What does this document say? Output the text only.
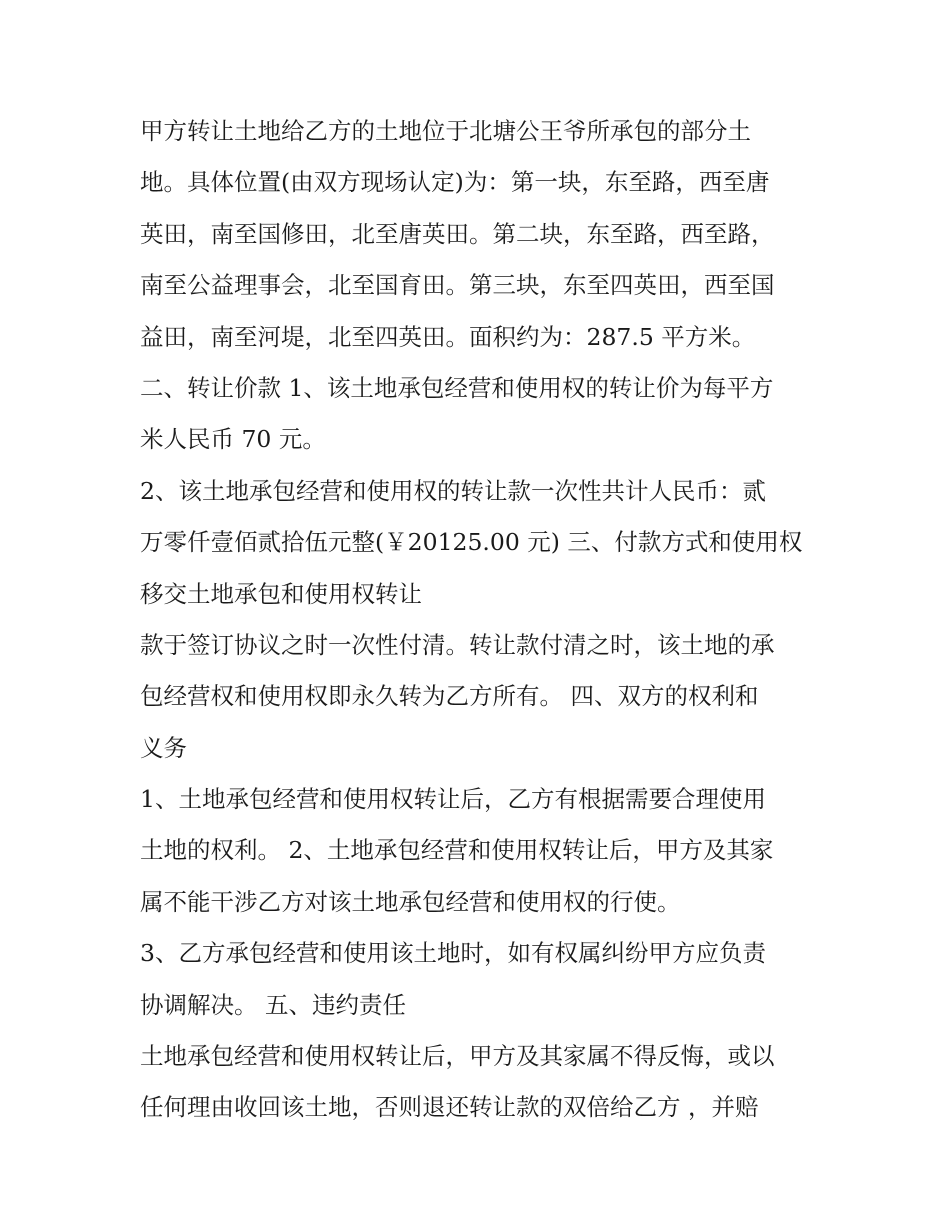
甲方转让土地给乙方的土地位于北塘公王爷所承包的部分土
地。具体位置(由双方现场认定)为：第一块，东至路，西至唐
英田，南至国修田，北至唐英田。第二块，东至路，西至路，
南至公益理事会，北至国育田。第三块，东至四英田，西至国
益田，南至河堤，北至四英田。面积约为：287.5 平方米。
二、转让价款 1、该土地承包经营和使用权的转让价为每平方
米人民币 70 元。
2、该土地承包经营和使用权的转让款一次性共计人民币：贰
万零仟壹佰贰拾伍元整(￥20125.00 元) 三、付款方式和使用权
移交土地承包和使用权转让
款于签订协议之时一次性付清。转让款付清之时，该土地的承
包经营权和使用权即永久转为乙方所有。 四、双方的权利和
义务
1、土地承包经营和使用权转让后，乙方有根据需要合理使用
土地的权利。 2、土地承包经营和使用权转让后，甲方及其家
属不能干涉乙方对该土地承包经营和使用权的行使。
3、乙方承包经营和使用该土地时，如有权属纠纷甲方应负责
协调解决。 五、违约责任
土地承包经营和使用权转让后，甲方及其家属不得反悔，或以
任何理由收回该土地，否则退还转让款的双倍给乙方 ，并赔
